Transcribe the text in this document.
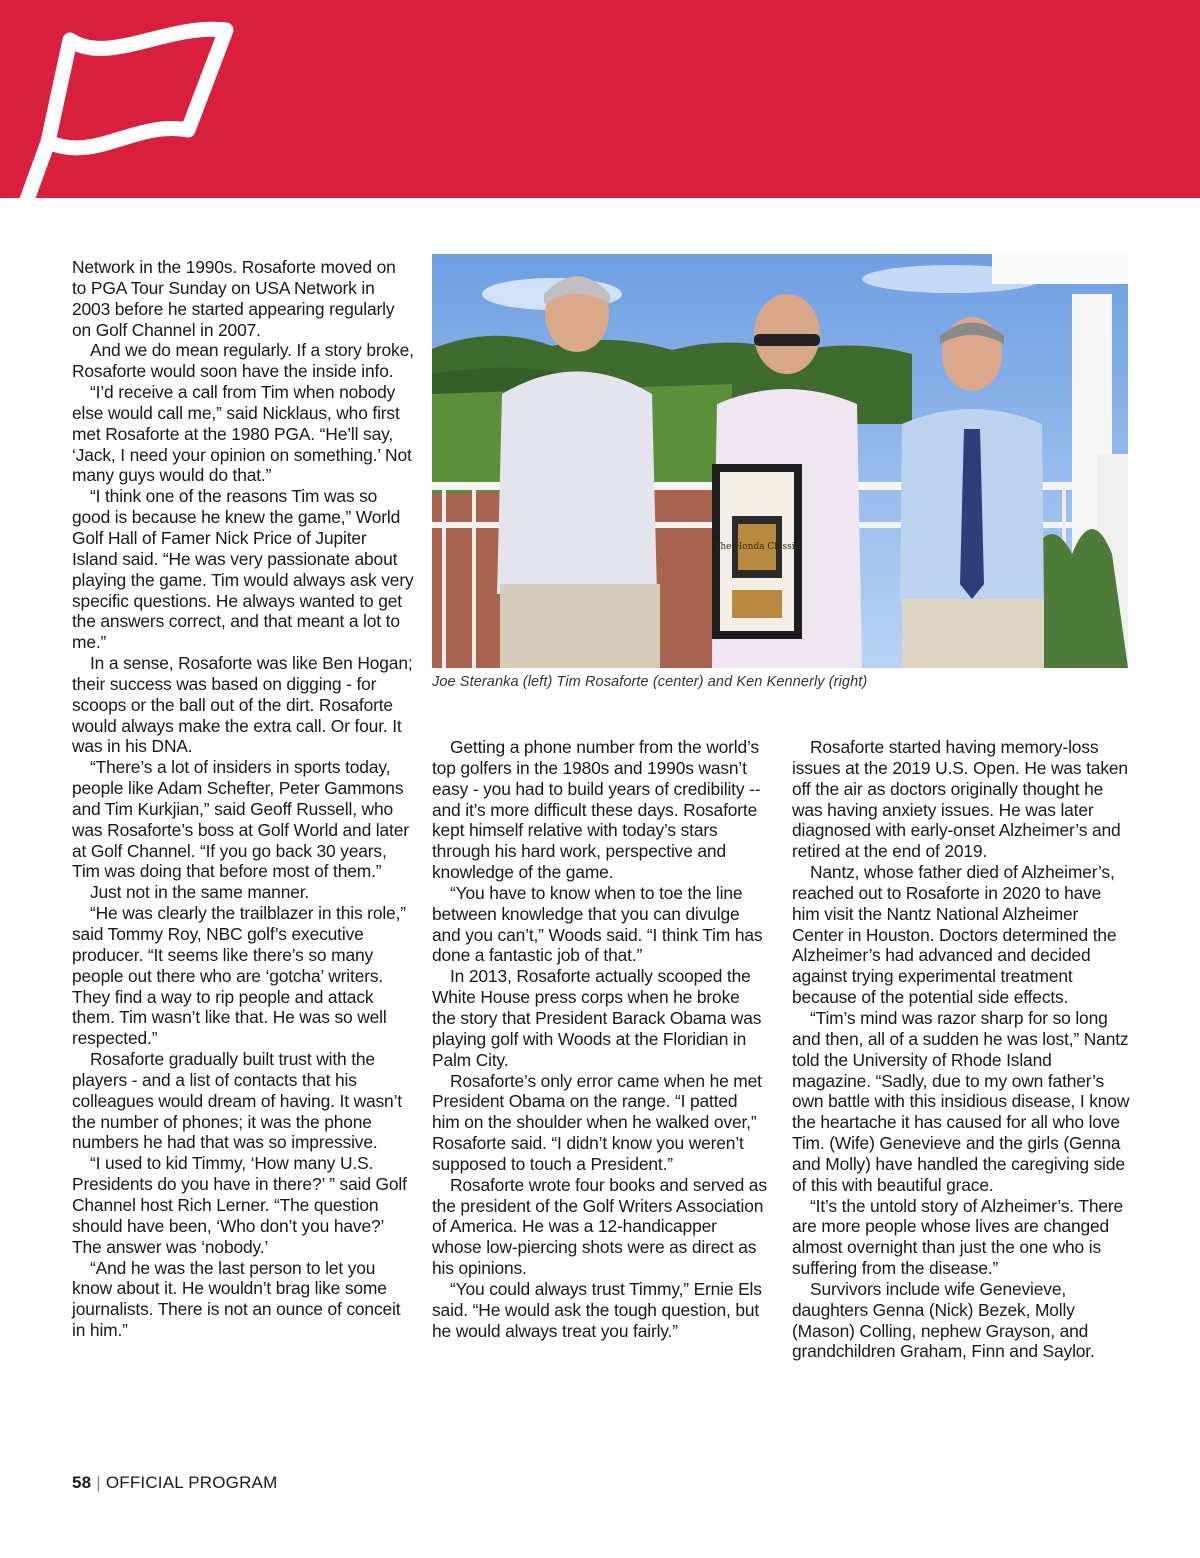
Network in the 1990s. Rosaforte moved on to PGA Tour Sunday on USA Network in 2003 before he started appearing regularly on Golf Channel in 2007.

And we do mean regularly. If a story broke, Rosaforte would soon have the inside info.

“I’d receive a call from Tim when nobody else would call me,” said Nicklaus, who first met Rosaforte at the 1980 PGA. “He’ll say, ‘Jack, I need your opinion on something.’ Not many guys would do that.”

“I think one of the reasons Tim was so good is because he knew the game,” World Golf Hall of Famer Nick Price of Jupiter Island said. “He was very passionate about playing the game. Tim would always ask very specific questions. He always wanted to get the answers correct, and that meant a lot to me.”

In a sense, Rosaforte was like Ben Hogan; their success was based on digging - for scoops or the ball out of the dirt. Rosaforte would always make the extra call. Or four. It was in his DNA.

“There’s a lot of insiders in sports today, people like Adam Schefter, Peter Gammons and Tim Kurkjian,” said Geoff Russell, who was Rosaforte’s boss at Golf World and later at Golf Channel. “If you go back 30 years, Tim was doing that before most of them.”

Just not in the same manner.

“He was clearly the trailblazer in this role,” said Tommy Roy, NBC golf’s executive producer. “It seems like there’s so many people out there who are ‘gotcha’ writers. They find a way to rip people and attack them. Tim wasn’t like that. He was so well respected.”

Rosaforte gradually built trust with the players - and a list of contacts that his colleagues would dream of having. It wasn’t the number of phones; it was the phone numbers he had that was so impressive.

“I used to kid Timmy, ‘How many U.S. Presidents do you have in there?’ ” said Golf Channel host Rich Lerner. “The question should have been, ‘Who don’t you have?’ The answer was ‘nobody.’

“And he was the last person to let you know about it. He wouldn’t brag like some journalists. There is not an ounce of conceit in him.”

The Honda Classic
Joe Steranka (left) Tim Rosaforte (center) and Ken Kennerly (right)

Getting a phone number from the world’s top golfers in the 1980s and 1990s wasn’t easy - you had to build years of credibility -- and it’s more difficult these days. Rosaforte kept himself relative with today’s stars through his hard work, perspective and knowledge of the game.

“You have to know when to toe the line between knowledge that you can divulge and you can’t,” Woods said. “I think Tim has done a fantastic job of that.”

In 2013, Rosaforte actually scooped the White House press corps when he broke the story that President Barack Obama was playing golf with Woods at the Floridian in Palm City.

Rosaforte’s only error came when he met President Obama on the range. “I patted him on the shoulder when he walked over,” Rosaforte said. “I didn’t know you weren’t supposed to touch a President.”

Rosaforte wrote four books and served as the president of the Golf Writers Association of America. He was a 12-handicapper whose low-piercing shots were as direct as his opinions.

“You could always trust Timmy,” Ernie Els said. “He would ask the tough question, but he would always treat you fairly.”

Rosaforte started having memory-loss issues at the 2019 U.S. Open. He was taken off the air as doctors originally thought he was having anxiety issues. He was later diagnosed with early-onset Alzheimer’s and retired at the end of 2019.

Nantz, whose father died of Alzheimer’s, reached out to Rosaforte in 2020 to have him visit the Nantz National Alzheimer Center in Houston. Doctors determined the Alzheimer’s had advanced and decided against trying experimental treatment because of the potential side effects.

“Tim’s mind was razor sharp for so long and then, all of a sudden he was lost,” Nantz told the University of Rhode Island magazine. “Sadly, due to my own father’s own battle with this insidious disease, I know the heartache it has caused for all who love Tim. (Wife) Genevieve and the girls (Genna and Molly) have handled the caregiving side of this with beautiful grace.

“It’s the untold story of Alzheimer’s. There are more people whose lives are changed almost overnight than just the one who is suffering from the disease.”

Survivors include wife Genevieve, daughters Genna (Nick) Bezek, Molly (Mason) Colling, nephew Grayson, and grandchildren Graham, Finn and Saylor.

58 | OFFICIAL PROGRAM
